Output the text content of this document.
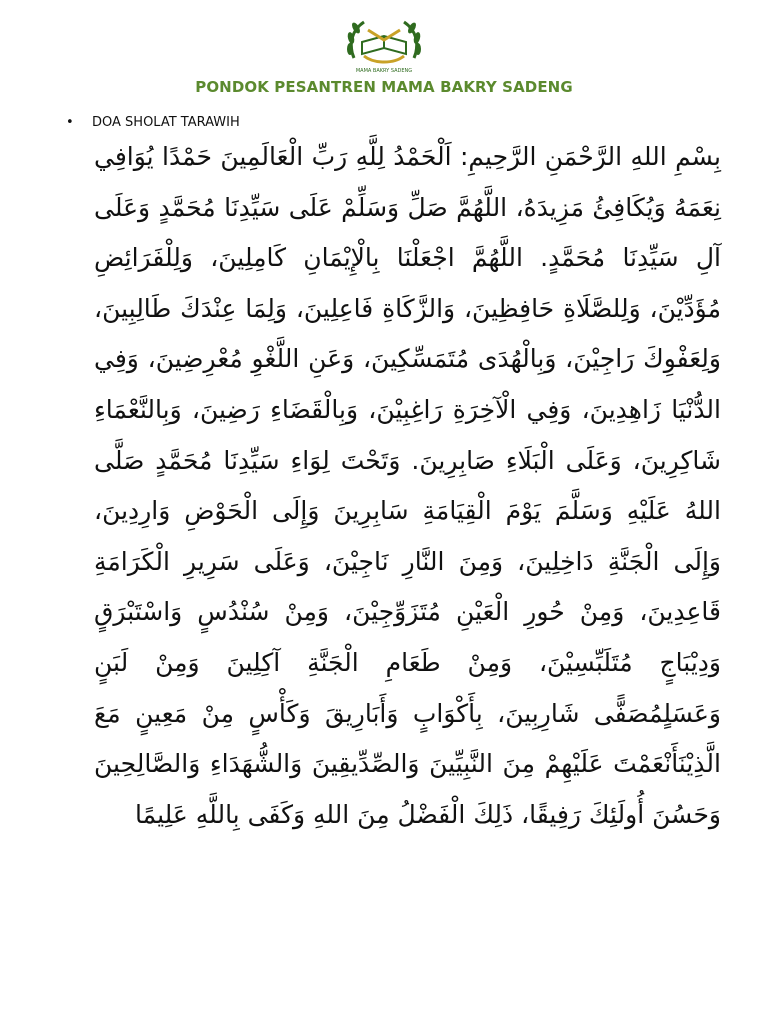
MAMA BAKRY SADENG
PONDOK PESANTREN MAMA BAKRY SADENG
• DOA SHOLAT TARAWIH

بِسْمِ اللهِ الرَّحْمَنِ الرَّحِيمِ: اَلْحَمْدُ لِلَّهِ رَبِّ الْعَالَمِينَ حَمْدًا يُوَافِي نِعَمَهُ وَيُكَافِئُ مَزِيدَهُ، اللَّهُمَّ صَلِّ وَسَلِّمْ عَلَى سَيِّدِنَا مُحَمَّدٍ وَعَلَى آلِ سَيِّدِنَا مُحَمَّدٍ. اللَّهُمَّ اجْعَلْنَا بِالْإِيْمَانِ كَامِلِينَ، وَلِلْفَرَائِضِ مُؤَدِّيْنَ، وَلِلصَّلَاةِ حَافِظِينَ، وَالزَّكَاةِ فَاعِلِينَ، وَلِمَا عِنْدَكَ طَالِبِينَ، وَلِعَفْوِكَ رَاجِيْنَ، وَبِالْهُدَى مُتَمَسِّكِينَ، وَعَنِ اللَّغْوِ مُعْرِضِينَ، وَفِي الدُّنْيَا زَاهِدِينَ، وَفِي الْآخِرَةِ رَاغِبِيْنَ، وَبِالْقَضَاءِ رَضِينَ، وَبِالنَّعْمَاءِ شَاكِرِينَ، وَعَلَى الْبَلَاءِ صَابِرِينَ. وَتَحْتَ لِوَاءِ سَيِّدِنَا مُحَمَّدٍ صَلَّى اللهُ عَلَيْهِ وَسَلَّمَ يَوْمَ الْقِيَامَةِ سَابِرِينَ وَإِلَى الْحَوْضِ وَارِدِينَ، وَإِلَى الْجَنَّةِ دَاخِلِينَ، وَمِنَ النَّارِ نَاجِيْنَ، وَعَلَى سَرِيرِ الْكَرَامَةِ قَاعِدِينَ، وَمِنْ حُورِ الْعَيْنِ مُتَزَوِّجِيْنَ، وَمِنْ سُنْدُسٍ وَاسْتَبْرَقٍ وَدِيْبَاجٍ مُتَلَبِّسِيْنَ، وَمِنْ طَعَامِ الْجَنَّةِ آكِلِينَ وَمِنْ لَبَنٍ وَعَسَلٍمُصَفًّى شَارِبِينَ، بِأَكْوَابٍ وَأَبَارِيقَ وَكَأْسٍ مِنْ مَعِينٍ مَعَ الَّذِيْنَأَنْعَمْتَ عَلَيْهِمْ مِنَ النَّبِيِّينَ وَالصِّدِّيقِينَ وَالشُّهَدَاءِ وَالصَّالِحِينَ وَحَسُنَ أُولَئِكَ رَفِيقًا، ذَلِكَ الْفَضْلُ مِنَ اللهِ وَكَفَى بِاللَّهِ عَلِيمًا
